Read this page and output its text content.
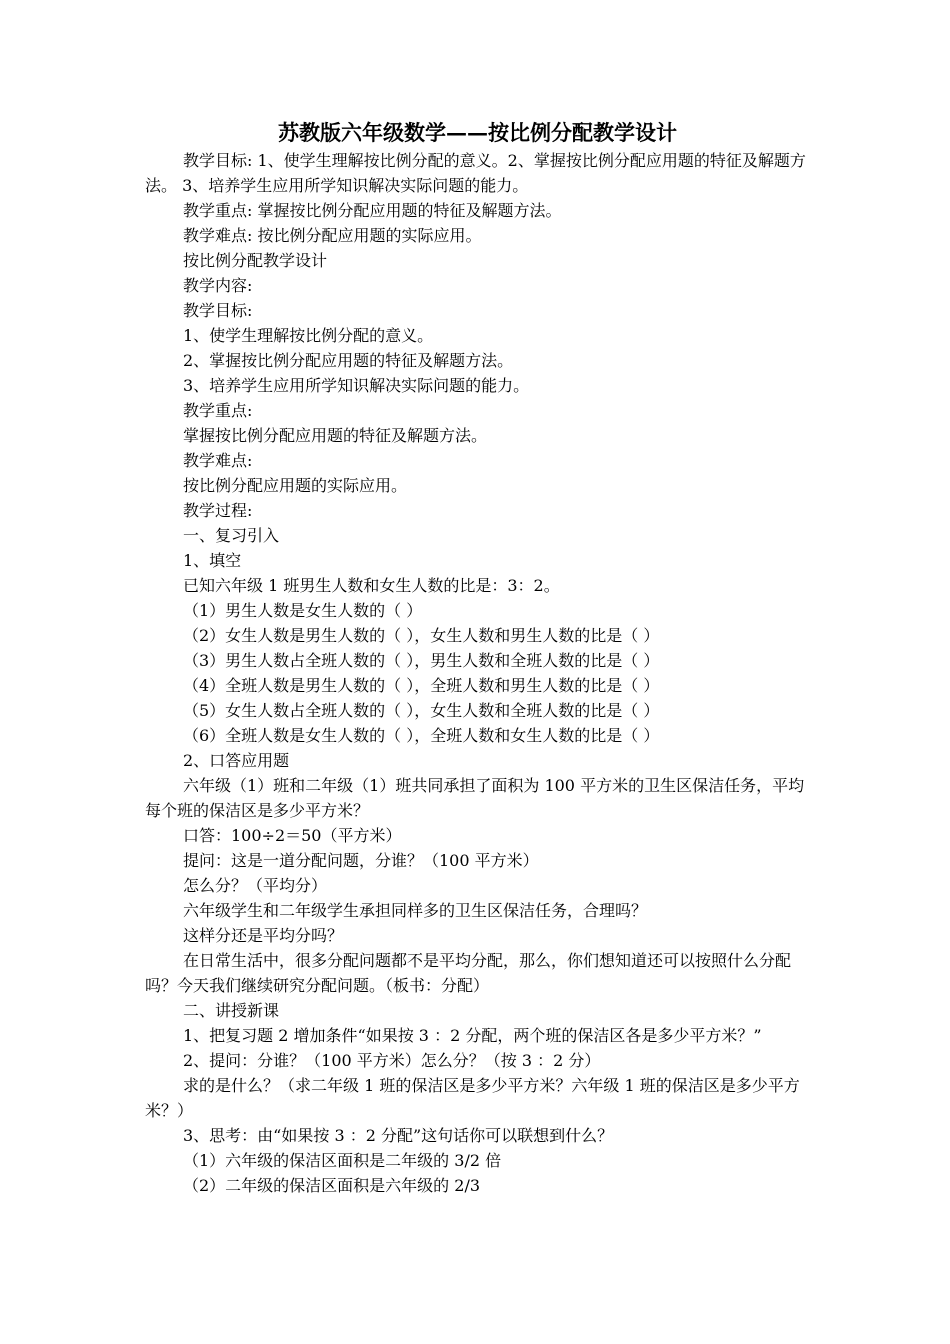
苏教版六年级数学——按比例分配教学设计

教学目标: 1、使学生理解按比例分配的意义。2、掌握按比例分配应用题的特征及解题方法。 3、培养学生应用所学知识解决实际问题的能力。

教学重点: 掌握按比例分配应用题的特征及解题方法。

教学难点: 按比例分配应用题的实际应用。

按比例分配教学设计

教学内容:

教学目标:

1、使学生理解按比例分配的意义。

2、掌握按比例分配应用题的特征及解题方法。

3、培养学生应用所学知识解决实际问题的能力。

教学重点:

掌握按比例分配应用题的特征及解题方法。

教学难点:

按比例分配应用题的实际应用。

教学过程:

一、复习引入

1、填空

已知六年级 1 班男生人数和女生人数的比是：3：2。

（1）男生人数是女生人数的（ ）

（2）女生人数是男生人数的（ ），女生人数和男生人数的比是（ ）

（3）男生人数占全班人数的（ ），男生人数和全班人数的比是（ ）

（4）全班人数是男生人数的（ ），全班人数和男生人数的比是（ ）

（5）女生人数占全班人数的（ ），女生人数和全班人数的比是（ ）

（6）全班人数是女生人数的（ ），全班人数和女生人数的比是（ ）

2、口答应用题

六年级（1）班和二年级（1）班共同承担了面积为 100 平方米的卫生区保洁任务，平均每个班的保洁区是多少平方米？

口答：100÷2＝50（平方米）

提问：这是一道分配问题，分谁？（100 平方米）

怎么分？（平均分）

六年级学生和二年级学生承担同样多的卫生区保洁任务，合理吗？

这样分还是平均分吗？

在日常生活中，很多分配问题都不是平均分配，那么，你们想知道还可以按照什么分配吗？今天我们继续研究分配问题。（板书：分配）

二、讲授新课

1、把复习题 2 增加条件“如果按 3 ：2 分配，两个班的保洁区各是多少平方米？”

2、提问：分谁？（100 平方米）怎么分？（按 3 ：2 分）

求的是什么？（求二年级 1 班的保洁区是多少平方米？六年级 1 班的保洁区是多少平方米？）

3、思考：由“如果按 3 ：2 分配”这句话你可以联想到什么？

（1）六年级的保洁区面积是二年级的 3/2 倍

（2）二年级的保洁区面积是六年级的 2/3
